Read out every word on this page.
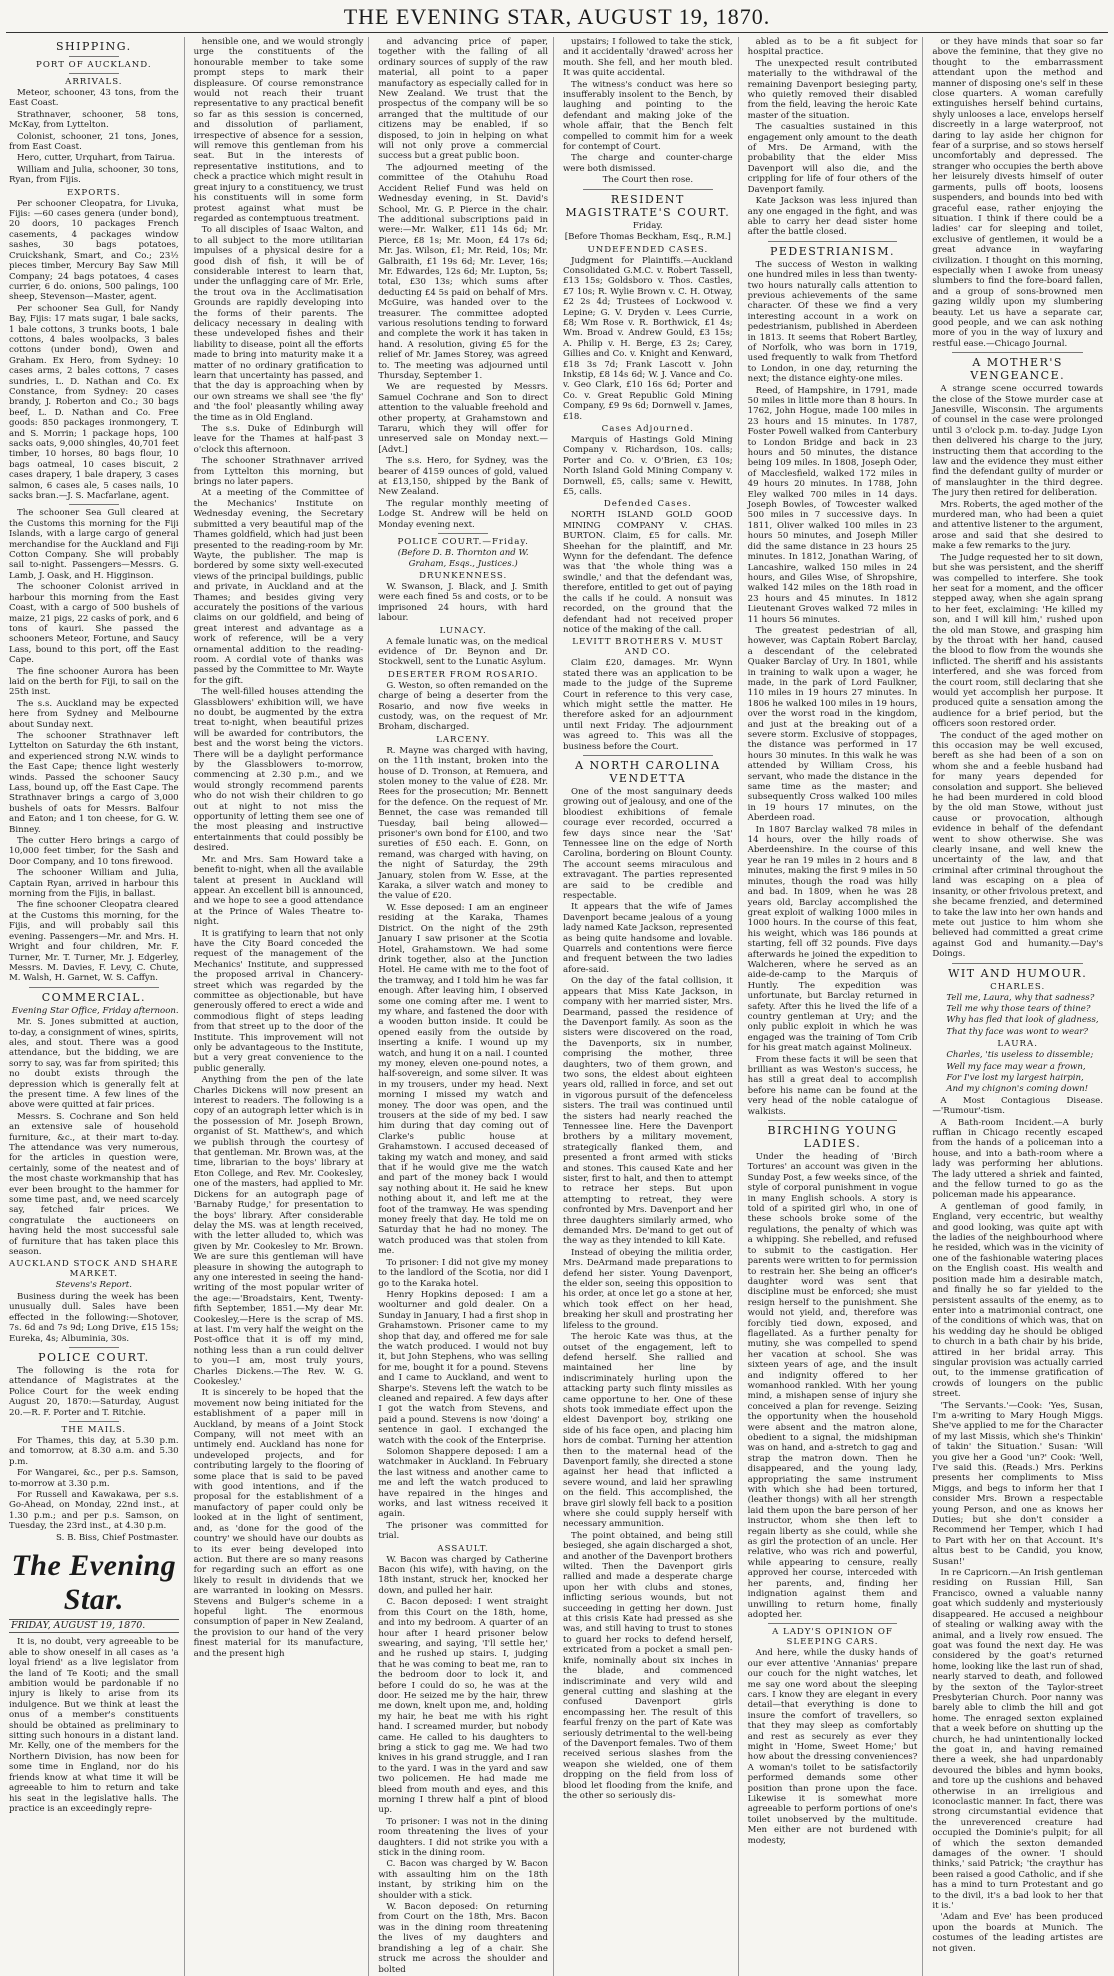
THE EVENING STAR, AUGUST 19, 1870.
SHIPPING.
PORT OF AUCKLAND.
ARRIVALS.

Meteor, schooner, 43 tons, from the East Coast.

Strathnaver, schooner, 58 tons, McKay, from Lyttelton.

Colonist, schooner, 21 tons, Jones, from East Coast.

Hero, cutter, Urquhart, from Tairua.

William and Julia, schooner, 30 tons, Ryan, from Fijis.

EXPORTS.

Per schooner Cleopatra, for Livuka, Fijis: —60 cases genera (under bond), 20 doors, 10 packages French casements, 4 packages window sashes, 30 bags potatoes, Cruickshank, Smart, and Co.; 23½ pieces timber, Mercury Bay Saw Mill Company; 24 bags potatoes, 4 cases currier, 6 do. onions, 500 palings, 100 sheep, Stevenson—Master, agent.

Per schooner Sea Gull, for Nandy Bay, Fijis: 17 mats sugar, 1 bale sacks, 1 bale cottons, 3 trunks boots, 1 bale cottons, 4 bales woolpacks, 3 bales cottons (under bond), Owen and Graham. Ex Hero, from Sydney: 10 cases arms, 2 bales cottons, 7 cases sundries, L. D. Nathan and Co. Ex Constance, from Sydney: 20 cases brandy, J. Roberton and Co.; 30 bags beef, L. D. Nathan and Co. Free goods: 850 packages ironmongery, T. and S. Morrin; 1 package hops, 100 sacks oats, 9,000 shingles, 40,701 feet timber, 10 horses, 80 bags flour, 10 bags oatmeal, 10 cases biscuit, 2 cases drapery, 1 bale drapery, 3 cases salmon, 6 cases ale, 5 cases nails, 10 sacks bran.—J. S. Macfarlane, agent.

The schooner Sea Gull cleared at the Customs this morning for the Fiji Islands, with a large cargo of general merchandise for the Auckland and Fiji Cotton Company. She will probably sail to-night. Passengers—Messrs. G. Lamb, J. Oask, and H. Higginson.

The schooner Colonist arrived in harbour this morning from the East Coast, with a cargo of 500 bushels of maize, 21 pigs, 22 casks of pork, and 6 tons of kauri. She passed the schooners Meteor, Fortune, and Saucy Lass, bound to this port, off the East Cape.

The fine schooner Aurora has been laid on the berth for Fiji, to sail on the 25th inst.

The s.s. Auckland may be expected here from Sydney and Melbourne about Sunday next.

The schooner Strathnaver left Lyttelton on Saturday the 6th instant, and experienced strong N.W. winds to the East Cape; thence light westerly winds. Passed the schooner Saucy Lass, bound up, off the East Cape. The Strathnaver brings a cargo of 3,000 bushels of oats for Messrs. Balfour and Eaton; and 1 ton cheese, for G. W. Binney.

The cutter Hero brings a cargo of 10,000 feet timber, for the Sash and Door Company, and 10 tons firewood.

The schooner William and Julia, Captain Ryan, arrived in harbour this morning from the Fijis, in ballast.

The fine schooner Cleopatra cleared at the Customs this morning, for the Fijis, and will probably sail this evening. Passengers—Mr. and Mrs. H. Wright and four children, Mr. F. Turner, Mr. T. Turner, Mr. J. Edgerley, Messrs. M. Davies, F. Levy, C. Chute, M. Walsh, H. Garnet, W. S. Caffyn.

COMMERCIAL.

Evening Star Office, Friday afternoon.

Mr. S. Jones submitted at auction, to-day, a consignment of wines, spirits, ales, and stout. There was a good attendance, but the bidding, we are sorry to say, was far from spirited; this no doubt exists through the depression which is generally felt at the present time. A few lines of the above were quitted at fair prices.

Messrs. S. Cochrane and Son held an extensive sale of household furniture, &c., at their mart to-day. The attendance was very numerous, for the articles in question were, certainly, some of the neatest and of the most chaste workmanship that has ever been brought to the hammer for some time past, and, we need scarcely say, fetched fair prices. We congratulate the auctioneers on having held the most successful sale of furniture that has taken place this season.

AUCKLAND STOCK AND SHARE MARKET.

Stevens's Report.

Business during the week has been unusually dull. Sales have been effected in the following:—Shotover, 7s. 6d and 7s 9d; Long Drive, £15 15s; Eureka, 4s; Albuminia, 30s.

POLICE COURT.

The following is the rota for attendance of Magistrates at the Police Court for the week ending August 20, 1870:—Saturday, August 20.—R. F. Porter and T. Ritchie.

THE MAILS.

For Thames, this day, at 5.30 p.m. and tomorrow, at 8.30 a.m. and 5.30 p.m.

For Wangarei, &c., per p.s. Samson, to-morrow at 3.30 p.m.

For Russell and Kawakawa, per s.s. Go-Ahead, on Monday, 22nd inst., at 1.30 p.m.; and per p.s. Samson, on Tuesday, the 23rd inst., at 4.30 p.m.

S. B. Biss, Chief Postmaster.

The Evening Star.
FRIDAY, AUGUST 19, 1870.

It is, no doubt, very agreeable to be able to show oneself in all cases as 'a loyal friend' as a live legislator from the land of Te Kooti; and the small ambition would be pardonable if no injury is likely to arise from its indulgence. But we think at least the onus of a member's constituents should be obtained as preliminary to sitting such honours in a distant land. Mr. Kelly, one of the members for the Northern Division, has now been for some time in England, nor do his friends know at what time it will be agreeable to him to return and take his seat in the legislative halls. The practice is an exceedingly repre-

hensible one, and we would strongly urge the constituents of the honourable member to take some prompt steps to mark their displeasure. Of course remonstrance would not reach their truant representative to any practical benefit so far as this session is concerned, and dissolution of parliament, irrespective of absence for a session, will remove this gentleman from his seat. But in the interests of representative institutions, and to check a practice which might result in great injury to a constituency, we trust his constituents will in some form protest against what must be regarded as contemptuous treatment.

To all disciples of Isaac Walton, and to all subject to the more utilitarian impulses of a physical desire for a good dish of fish, it will be of considerable interest to learn that, under the unflagging care of Mr. Erle, the trout ova in the Acclimatisation Grounds are rapidly developing into the forms of their parents. The delicacy necessary in dealing with these undeveloped fishes and their liability to disease, point all the efforts made to bring into maturity make it a matter of no ordinary gratification to learn that uncertainty has passed, and that the day is approaching when by our own streams we shall see 'the fly' and 'the fool' pleasantly whiling away the time as in Old England.

The s.s. Duke of Edinburgh will leave for the Thames at half-past 3 o'clock this afternoon.

The schooner Strathnaver arrived from Lyttelton this morning, but brings no later papers.

At a meeting of the Committee of the Mechanics' Institute on Wednesday evening, the Secretary submitted a very beautiful map of the Thames goldfield, which had just been presented to the reading-room by Mr. Wayte, the publisher. The map is bordered by some sixty well-executed views of the principal buildings, public and private, in Auckland and at the Thames; and besides giving very accurately the positions of the various claims on our goldfield, and being of great interest and advantage as a work of reference, will be a very ornamental addition to the reading-room. A cordial vote of thanks was passed by the Committee to Mr. Wayte for the gift.

The well-filled houses attending the Glassblowers' exhibition will, we have no doubt, be augmented by the extra treat to-night, when beautiful prizes will be awarded for contributors, the best and the worst being the victors. There will be a daylight performance by the Glassblowers to-morrow, commencing at 2.30 p.m., and we would strongly recommend parents who do not wish their children to go out at night to not miss the opportunity of letting them see one of the most pleasing and instructive entertainments that could possibly be desired.

Mr. and Mrs. Sam Howard take a benefit to-night, when all the available talent at present in Auckland will appear. An excellent bill is announced, and we hope to see a good attendance at the Prince of Wales Theatre to-night.

It is gratifying to learn that not only have the City Board conceded the request of the management of the Mechanics' Institute, and suppressed the proposed arrival in Chancery-street which was regarded by the committee as objectionable, but have generously offered to erect a wide and commodious flight of steps leading from that street up to the door of the Institute. This improvement will not only be advantageous to the Institute, but a very great convenience to the public generally.

Anything from the pen of the late Charles Dickens will now present an interest to readers. The following is a copy of an autograph letter which is in the possession of Mr. Joseph Brown, organist of St. Matthew's, and which we publish through the courtesy of that gentleman. Mr. Brown was, at the time, librarian to the boys' library at Eton College, and Rev. Mr. Cookesley, one of the masters, had applied to Mr. Dickens for an autograph page of 'Barnaby Rudge,' for presentation to the boys' library. After considerable delay the MS. was at length received, with the letter alluded to, which was given by Mr. Cookesley to Mr. Brown. We are sure this gentleman will have pleasure in showing the autograph to any one interested in seeing the hand-writing of the most popular writer of the age:—'Broadstairs, Kent, Twenty-fifth September, 1851.—My dear Mr. Cookesley,—Here is the scrap of MS. at last. I'm very half the weight on the Post-office that it is off my mind, nothing less than a run could deliver to you—I am, most truly yours, Charles Dickens.—The Rev. W. G. Cookesley.'

It is sincerely to be hoped that the movement now being initiated for the establishment of a paper mill in Auckland, by means of a Joint Stock Company, will not meet with an untimely end. Auckland has none for undeveloped projects, and for contributing largely to the flooring of some place that is said to be paved with good intentions, and if the proposal for the establishment of a manufactory of paper could only be looked at in the light of sentiment, and, as 'done for the good of the country' we should have our doubts as to its ever being developed into action. But there are so many reasons for regarding such an effort as one likely to result in dividends that we are warranted in looking on Messrs. Stevens and Bulger's scheme in a hopeful light. The enormous consumption of paper in New Zealand, the provision to our hand of the very finest material for its manufacture, and the present high

and advancing price of paper, together with the falling of all ordinary sources of supply of the raw material, all point to a paper manufactory as especially called for in New Zealand. We trust that the prospectus of the company will be so arranged that the multitude of our citizens may be enabled, if so disposed, to join in helping on what will not only prove a commercial success but a great public boon.

The adjourned meeting of the committee of the Otahuhu Road Accident Relief Fund was held on Wednesday evening, in St. David's School, Mr. G. P. Pierce in the chair. The additional subscriptions paid in were:—Mr. Walker, £11 14s 6d; Mr. Pierce, £8 1s; Mr. Moon, £4 17s 6d; Mr. Jas. Wilson, £1; Mr. Reid, 10s; Mr. Galbraith, £1 19s 6d; Mr. Lever, 16s; Mr. Edwardes, 12s 6d; Mr. Lupton, 5s; total, £30 13s; which sums after deducting £4 5s paid on behalf of Mrs. McGuire, was handed over to the treasurer. The committee adopted various resolutions tending to forward and complete the work it has taken in hand. A resolution, giving £5 for the relief of Mr. James Storey, was agreed to. The meeting was adjourned until Thursday, September 1.

We are requested by Messrs. Samuel Cochrane and Son to direct attention to the valuable freehold and other property, at Grahamstown and Tararu, which they will offer for unreserved sale on Monday next.—[Advt.]

The s.s. Hero, for Sydney, was the bearer of 4159 ounces of gold, valued at £13,150, shipped by the Bank of New Zealand.

The regular monthly meeting of Lodge St. Andrew will be held on Monday evening next.

POLICE COURT.—Friday.

(Before D. B. Thornton and W. Graham, Esqs., Justices.)

DRUNKENNESS.

W. Swanson, J. Black, and J. Smith were each fined 5s and costs, or to be imprisoned 24 hours, with hard labour.

LUNACY.

A female lunatic was, on the medical evidence of Dr. Beynon and Dr. Stockwell, sent to the Lunatic Asylum.

DESERTER FROM ROSARIO.

G. Weston, so often remanded on the charge of being a deserter from the Rosario, and now five weeks in custody, was, on the request of Mr. Broham, discharged.

LARCENY.

R. Mayne was charged with having, on the 11th instant, broken into the house of D. Tronson, at Remuera, and stolen money to the value of £28. Mr. Rees for the prosecution; Mr. Bennett for the defence. On the request of Mr. Bennet, the case was remanded till Tuesday, bail being allowed—prisoner's own bond for £100, and two sureties of £50 each. E. Gonn, on remand, was charged with having, on the night of Saturday, the 29th January, stolen from W. Esse, at the Karaka, a silver watch and money to the value of £20.

W. Esse deposed: I am an engineer residing at the Karaka, Thames District. On the night of the 29th January I saw prisoner at the Scotia Hotel, Grahamstown. We had some drink together, also at the Junction Hotel. He came with me to the foot of the tramway, and I told him he was far enough. After leaving him, I observed some one coming after me. I went to my whare, and fastened the door with a wooden button inside. It could be opened easily from the outside by inserting a knife. I wound up my watch, and hung it on a nail. I counted my money, eleven one-pound notes, a half-sovereign, and some silver. It was in my trousers, under my head. Next morning I missed my watch and money. The door was open, and the trousers at the side of my bed. I saw him during that day coming out of Clarke's public house at Grahamstown. I accused deceased of taking my watch and money, and said that if he would give me the watch and part of the money back I would say nothing about it. He said he knew nothing about it, and left me at the foot of the tramway. He was spending money freely that day. He told me on Saturday that he had no money. The watch produced was that stolen from me.

To prisoner: I did not give my money to the landlord of the Scotia, nor did I go to the Karaka hotel.

Henry Hopkins deposed: I am a woolturner and gold dealer. On a Sunday in January, I had a first shop in Grahamstown. Prisoner came to my shop that day, and offered me for sale the watch produced. I would not buy it, but John Stephens, who was selling for me, bought it for a pound. Stevens and I came to Auckland, and went to Sharpe's. Stevens left the watch to be cleaned and repaired. A few days after I got the watch from Stevens, and paid a pound. Stevens is now 'doing' a sentence in gaol. I exchanged the watch with the cook of the Enterprise.

Solomon Shappere deposed: I am a watchmaker in Auckland. In February the last witness and another came to me and left the watch produced to have repaired in the hinges and works, and last witness received it again.

The prisoner was committed for trial.

ASSAULT.

W. Bacon was charged by Catherine Bacon (his wife), with having, on the 18th instant, struck her, knocked her down, and pulled her hair.

C. Bacon deposed: I went straight from this Court on the 18th, home, and into my bedroom. A quarter of an hour after I heard prisoner below swearing, and saying, 'I'll settle her,' and he rushed up stairs. I, judging that he was coming to beat me, ran to the bedroom door to lock it, and before I could do so, he was at the door. He seized me by the hair, threw me down, knelt upon me, and, holding my hair, he beat me with his right hand. I screamed murder, but nobody came. He called to his daughters to bring a stick to gag me. We had two knives in his grand struggle, and I ran to the yard. I was in the yard and saw two policemen. He had made me bleed from mouth and eyes, and this morning I threw half a pint of blood up.

To prisoner: I was not in the dining room threatening the lives of your daughters. I did not strike you with a stick in the dining room.

C. Bacon was charged by W. Bacon with assaulting him on the 18th instant, by striking him on the shoulder with a stick.

W. Bacon deposed: On returning from Court on the 18th, Mrs. Bacon was in the dining room threatening the lives of my daughters and brandishing a leg of a chair. She struck me across the shoulder and bolted

upstairs; I followed to take the stick, and it accidentally 'drawed' across her mouth. She fell, and her mouth bled. It was quite accidental.

The witness's conduct was here so insufferably insolent to the Bench, by laughing and pointing to the defendant and making joke of the whole affair, that the Bench felt compelled to commit him for a week for contempt of Court.

The charge and counter-charge were both dismissed.

The Court then rose.

RESIDENT MAGISTRATE'S COURT.

Friday.

[Before Thomas Beckham, Esq., R.M.]

UNDEFENDED CASES.

Judgment for Plaintiffs.—Auckland Consolidated G.M.C. v. Robert Tassell, £13 15s; Goldsboro v. Thos. Castles, £7 10s; R. Wylie Brown v. C. H. Otway, £2 2s 4d; Trustees of Lockwood v. Lepine; G. V. Dryden v. Lees Currie, £8; Wm Rose v. R. Borthwick, £1 4s; Wm. Broad v. Andrew Gould, £3 15s; A. Philip v. H. Berge, £3 2s; Carey, Gillies and Co. v. Knight and Kenward, £18 3s 7d; Frank Lascott v. John Inkstip, £8 14s 6d; W. J. Vance and Co. v. Geo Clark, £10 16s 6d; Porter and Co. v. Great Republic Gold Mining Company, £9 9s 6d; Dornwell v. James, £18.

Cases Adjourned.

Marquis of Hastings Gold Mining Company v. Richardson, 10s. calls; Porter and Co. v. O'Brien, £3 10s; North Island Gold Mining Company v. Dornwell, £5, calls; same v. Hewitt, £5, calls.

Defended Cases.

NORTH ISLAND GOLD GOOD MINING COMPANY V. CHAS. BURTON. Claim, £5 for calls. Mr. Sheehan for the plaintiff, and Mr. Wynn for the defendant. The defence was that 'the whole thing was a swindle,' and that the defendant was, therefore, entitled to get out of paying the calls if he could. A nonsuit was recorded, on the ground that the defendant had not received proper notice of the making of the call.

LEVITT BROTHERS V. MUST AND CO.

Claim £20, damages. Mr. Wynn stated there was an application to be made to the judge of the Supreme Court in reference to this very case, which might settle the matter. He therefore asked for an adjournment until next Friday. The adjournment was agreed to. This was all the business before the Court.

A NORTH CAROLINA VENDETTA

One of the most sanguinary deeds growing out of jealousy, and one of the bloodiest exhibitions of female courage ever recorded, occurred a few days since near the 'Sat' Tennessee line on the edge of North Carolina, bordering on Blount County. The account seems miraculous and extravagant. The parties represented are said to be credible and respectable.

It appears that the wife of James Davenport became jealous of a young lady named Kate Jackson, represented as being quite handsome and lovable. Quarrels and contentions were fierce and frequent between the two ladies afore-said.

On the day of the fatal collision, it appears that Miss Kate Jackson, in company with her married sister, Mrs. Dearmand, passed the residence of the Davenport family. As soon as the sisters were discovered on the road, the Davenports, six in number, comprising the mother, three daughters, two of them grown, and two sons, the eldest about eighteen years old, rallied in force, and set out in vigorous pursuit of the defenceless sisters. The trail was continued until the sisters had nearly reached the Tennessee line. Here the Davenport brothers by a military movement, strategically flanked them, and presented a front armed with sticks and stones. This caused Kate and her sister, first to halt, and then to attempt to retrace her steps. But upon attempting to retreat, they were confronted by Mrs. Davenport and her three daughters similarly armed, who demanded Mrs. De'mand to get out of the way as they intended to kill Kate.

Instead of obeying the militia order, Mrs. DeArmand made preparations to defend her sister. Young Davenport, the elder son, seeing this opposition to his order, at once let go a stone at her, which took effect on her head, breaking her skull and prostrating her lifeless to the ground.

The heroic Kate was thus, at the outset of the engagement, left to defend herself. She rallied and maintained her line by indiscriminately hurling upon the attacking party such flinty missiles as came opportune to her. One of these shots took immediate effect upon the eldest Davenport boy, striking one side of his face open, and placing him hors de combat. Turning her attention then to the maternal head of the Davenport family, she directed a stone against her head that inflicted a severe wound, and laid her sprawling on the field. This accomplished, the brave girl slowly fell back to a position where she could supply herself with necessary ammunition.

The point obtained, and being still besieged, she again discharged a shot, and another of the Davenport brothers wilted. Then the Davenport girls rallied and made a desperate charge upon her with clubs and stones, inflicting serious wounds, but not succeeding in getting her down. Just at this crisis Kate had pressed as she was, and still having to trust to stones to guard her rocks to defend herself, extricated from a pocket a small pen-knife, nominally about six inches in the blade, and commenced indiscriminate and very wild and general cutting and slashing at the confused Davenport girls encompassing her. The result of this fearful frenzy on the part of Kate was seriously detrimental to the well-being of the Davenport females. Two of them received serious slashes from the weapon she wielded, one of them dropping on the field from loss of blood let flooding from the knife, and the other so seriously dis-

abled as to be a fit subject for hospital practice.

The unexpected result contributed materially to the withdrawal of the remaining Davenport besieging party, who quietly removed their disabled from the field, leaving the heroic Kate master of the situation.

The casualties sustained in this engagement only amount to the death of Mrs. De Armand, with the probability that the elder Miss Davenport will also die, and the crippling for life of four others of the Davenport family.

Kate Jackson was less injured than any one engaged in the fight, and was able to carry her dead sister home after the battle closed.

PEDESTRIANISM.

The success of Weston in walking one hundred miles in less than twenty-two hours naturally calls attention to previous achievements of the same character. Of these we find a very interesting account in a work on pedestrianism, published in Aberdeen in 1813. It seems that Robert Bartley, of Norfolk, who was born in 1719, used frequently to walk from Thetford to London, in one day, returning the next; the distance eighty-one miles.

Reed, of Hampshire, in 1791, made 50 miles in little more than 8 hours. In 1762, John Hogue, made 100 miles in 23 hours and 15 minutes. In 1787, Foster Powell walked from Canterbury to London Bridge and back in 23 hours and 50 minutes, the distance being 109 miles. In 1808, Joseph Oder, of Macclesfield, walked 172 miles in 49 hours 20 minutes. In 1788, John Eley walked 700 miles in 14 days. Joseph Bowles, of Towcester walked 500 miles in 7 successive days. In 1811, Oliver walked 100 miles in 23 hours 50 minutes, and Joseph Miller did the same distance in 23 hours 25 minutes. In 1812, Jonathan Waring, of Lancashire, walked 150 miles in 24 hours, and Giles Wise, of Shropshire, walked 142 miles on the 18th road in 23 hours and 45 minutes. In 1812 Lieutenant Groves walked 72 miles in 11 hours 56 minutes.

The greatest pedestrian of all, however, was Captain Robert Barclay, a descendant of the celebrated Quaker Barclay of Ury. In 1801, while in training to walk upon a wager, he made, in the park of Lord Faulkner, 110 miles in 19 hours 27 minutes. In 1806 he walked 100 miles in 19 hours, over the worst road in the kingdom, and just at the breaking out of a severe storm. Exclusive of stoppages, the distance was performed in 17 hours 30 minutes. In this walk he was attended by William Cross, his servant, who made the distance in the same time as the master; and subsequently Cross walked 100 miles in 19 hours 17 minutes, on the Aberdeen road.

In 1807 Barclay walked 78 miles in 14 hours, over the hilly roads of Aberdeenshire. In the course of this year he ran 19 miles in 2 hours and 8 minutes, making the first 9 miles in 50 minutes, though the road was hilly and bad. In 1809, when he was 28 years old, Barclay accomplished the great exploit of walking 1000 miles in 1000 hours. In the course of this feat, his weight, which was 186 pounds at starting, fell off 32 pounds. Five days afterwards he joined the expedition to Walcheren, where he served as an aide-de-camp to the Marquis of Huntly. The expedition was unfortunate, but Barclay returned in safety. After this he lived the life of a country gentleman at Ury; and the only public exploit in which he was engaged was the training of Tom Crib for his great match against Molineux.

From these facts it will be seen that brilliant as was Weston's success, he has still a great deal to accomplish before his name can be found at the very head of the noble catalogue of walkists.

BIRCHING YOUNG LADIES.

Under the heading of 'Birch Tortures' an account was given in the Sunday Post, a few weeks since, of the style of corporal punishment in vogue in many English schools. A story is told of a spirited girl who, in one of these schools broke some of the regulations, the penalty of which was a whipping. She rebelled, and refused to submit to the castigation. Her parents were written to for permission to restrain her. She being an officer's daughter word was sent that discipline must be enforced; she must resign herself to the punishment. She would not yield, and, therefore was forcibly tied down, exposed, and flagellated. As a further penalty for mutiny, she was compelled to spend her vacation at school. She was sixteen years of age, and the insult and indignity offered to her womanhood rankled. With her young mind, a mishapen sense of injury she conceived a plan for revenge. Seizing the opportunity when the household were absent and the matron alone, obedient to a signal, the midshipman was on hand, and a-stretch to gag and strap the matron down. Then he disappeared, and the young lady, appropriating the same instrument with which she had been tortured, (leather thongs) with all her strength laid them upon the bare person of her instructor, whom she then left to regain liberty as she could, while she as girl the protection of an uncle. Her relative, who was rich and powerful, while appearing to censure, really approved her course, interceded with her parents, and, finding her indignation against them and unwilling to return home, finally adopted her.

A LADY'S OPINION OF SLEEPING CARS.

And here, while the dusky hands of our ever attentive 'Annanias' prepare our couch for the night watches, let me say one word about the sleeping cars. I know they are elegant in every detail—that everything is done to insure the comfort of travellers, so that they may sleep as comfortably and rest as securely as ever they might in 'Home, Sweet Home;' but how about the dressing conveniences? A woman's toilet to be satisfactorily performed demands some other position than prone upon the face. Likewise it is somewhat more agreeable to perform portions of one's toilet unobserved by the multitude. Men either are not burdened with modesty,

or they have minds that soar so far above the feminine, that they give no thought to the embarrassment attendant upon the method and manner of disposing one's self in these close quarters. A woman carefully extinguishes herself behind curtains, shyly unlooses a lace, envelops herself discreetly in a large waterproof, not daring to lay aside her chignon for fear of a surprise, and so stows herself uncomfortably and depressed. The stranger who occupies the berth above her leisurely divests himself of outer garments, pulls off boots, loosens suspenders, and bounds into bed with graceful ease, rather enjoying the situation. I think if there could be a ladies' car for sleeping and toilet, exclusive of gentlemen, it would be a great advance in wayfaring civilization. I thought on this morning, especially when I awoke from uneasy slumbers to find the fore-board fallen, and a group of sons-browned men gazing wildly upon my slumbering beauty. Let us have a separate car, good people, and we can ask nothing more of you in the way of luxury and restful ease.—Chicago Journal.

A MOTHER'S VENGEANCE.

A strange scene occurred towards the close of the Stowe murder case at Janesville, Wisconsin. The arguments of counsel in the case were prolonged until 3 o'clock p.m. to-day. Judge Lyon then delivered his charge to the jury, instructing them that according to the law and the evidence they must either find the defendant guilty of murder or of manslaughter in the third degree. The jury then retired for deliberation.

Mrs. Roberts, the aged mother of the murdered man, who had been a quiet and attentive listener to the argument, arose and said that she desired to make a few remarks to the jury.

The Judge requested her to sit down, but she was persistent, and the sheriff was compelled to interfere. She took her seat for a moment, and the officer stepped away, when she again sprang to her feet, exclaiming: 'He killed my son, and I will kill him,' rushed upon the old man Stowe, and grasping him by the throat with her hand, caused the blood to flow from the wounds she inflicted. The sheriff and his assistants interfered, and she was forced from the court room, still declaring that she would yet accomplish her purpose. It produced quite a sensation among the audience for a brief period, but the officers soon restored order.

The conduct of the aged mother on this occasion may be well excused, bereft as she had been of a son on whom she and a feeble husband had for many years depended for consolation and support. She believed he had been murdered in cold blood by the old man Stowe, without just cause or provocation, although evidence in behalf of the defendant went to show otherwise. She was clearly insane, and well knew the uncertainty of the law, and that criminal after criminal throughout the land was escaping on a plea of insanity, or other frivolous pretext, and she became frenzied, and determined to take the law into her own hands and mete out justice to him whom she believed had committed a great crime against God and humanity.—Day's Doings.

WIT AND HUMOUR.
CHARLES.

Tell me, Laura, why that sadness?

Tell me why those tears of thine?

Why has fled that look of gladness,

That thy face was wont to wear?

LAURA.

Charles, 'tis useless to dissemble;

Well my face may wear a frown,

For I've lost my largest hairpin,

And my chignon's coming down!

A Most Contagious Disease.—'Rumour'-tism.

A Bath-room Incident.—A burly ruffian in Chicago recently escaped from the hands of a policeman into a house, and into a bath-room where a lady was performing her ablutions. The lady uttered a shriek and fainted, and the fellow turned to go as the policeman made his appearance.

A gentleman of good family, in England, very eccentric, but wealthy and good looking, was quite apt with the ladies of the neighbourhood where he resided, which was in the vicinity of one of the fashionable watering places on the English coast. His wealth and position made him a desirable match, and finally he so far yielded to the persistent assaults of the enemy, as to enter into a matrimonial contract, one of the conditions of which was, that on his wedding day he should be obliged to church in a bath chair by his bride, attired in her bridal array. This singular provision was actually carried out, to the immense gratification of crowds of loungers on the public street.

'The Servants.'—Cook: 'Yes, Susan, I'm a-writing to Mary Hough Miggs. She've applied to me for the Character of my last Missis, which she's Thinkin' of takin' the Situation.' Susan: 'Will you give her a Good 'un?' Cook: 'Well, I've said this. (Reads.) Mrs. Perkins presents her compliments to Miss Miggs, and begs to inform her that I consider Mrs. Brown a respectable young Person, and one as knows her Duties; but she don't consider a Recommend her Temper, which I had to Part with her on that Account. It's altus best to be Candid, you know, Susan!'

In re Capricorn.—An Irish gentleman residing on Russian Hill, San Francisco, owned a valuable nanny goat which suddenly and mysteriously disappeared. He accused a neighbour of stealing or walking away with the animal, and a lively row ensued. The goat was found the next day. He was considered by the goat's returned home, looking like the last run of shad, nearly starved to death, and followed by the sexton of the Taylor-street Presbyterian Church. Poor nanny was barely able to climb the hill and got home. The enraged sexton explained that a week before on shutting up the church, he had unintentionally locked the goat in, and having remained there a week, she had unpardonably devoured the bibles and hymn books, and tore up the cushions and behaved otherwise in an irreligious and iconoclastic manner. In fact, there was strong circumstantial evidence that the unreverenced creature had occupied the Dominie's pulpit; for all of which the sexton demanded damages of the owner. 'I should thinks,' said Patrick; 'the craythur has been raised a good Catholic, and if she has a mind to turn Protestant and go to the divil, it's a bad look to her that it is.'

'Adam and Eve' has been produced upon the boards at Munich. The costumes of the leading artistes are not given.
